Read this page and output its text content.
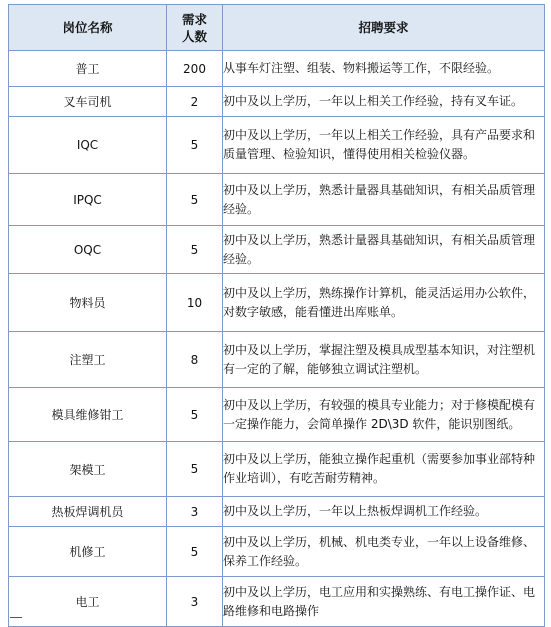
岗位名称	需求人数	招聘要求
普工	200	从事车灯注塑、组装、物料搬运等工作，不限经验。
叉车司机	2	初中及以上学历，一年以上相关工作经验，持有叉车证。
IQC	5	初中及以上学历，一年以上相关工作经验，具有产品要求和质量管理、检验知识，懂得使用相关检验仪器。
IPQC	5	初中及以上学历，熟悉计量器具基础知识，有相关品质管理经验。
OQC	5	初中及以上学历，熟悉计量器具基础知识，有相关品质管理经验。
物料员	10	初中及以上学历，熟练操作计算机，能灵活运用办公软件，对数字敏感，能看懂进出库账单。
注塑工	8	初中及以上学历，掌握注塑及模具成型基本知识，对注塑机有一定的了解，能够独立调试注塑机。
模具维修钳工	5	初中及以上学历，有较强的模具专业能力；对于修模配模有一定操作能力，会简单操作 2D\3D 软件，能识别图纸。
架模工	5	初中及以上学历，能独立操作起重机（需要参加事业部特种作业培训），有吃苦耐劳精神。
热板焊调机员	3	初中及以上学历，一年以上热板焊调机工作经验。
机修工	5	初中及以上学历，机械、机电类专业，一年以上设备维修、保养工作经验。
电工	3	初中及以上学历，电工应用和实操熟练、有电工操作证、电路维修和电路操作
